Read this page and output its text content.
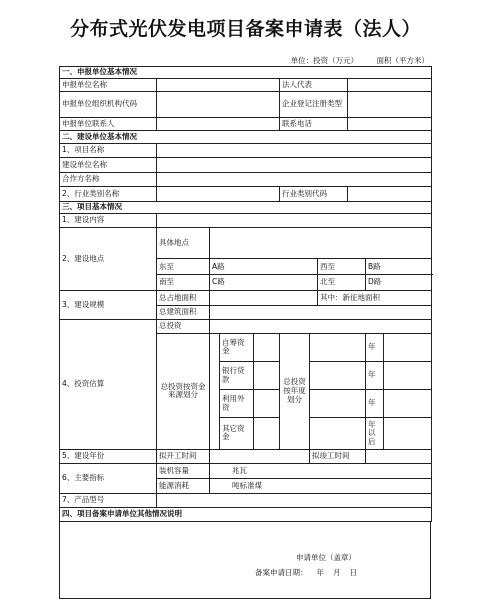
分布式光伏发电项目备案申请表（法人）
单位：投资（万元） 面积（平方米）
一、申报单位基本情况										
申报单位名称					法人代表					
申报单位组织机构代码					企业登记注册类型					
申报单位联系人					联系电话					
二、建设单位基本情况										
1、项目名称										
建设单位名称										
合作方名称										
2、行业类别名称					行业类别代码					
三、项目基本情况										
1、建设内容										
2、建设地点	具体地点									
	东至	A路					西至		B路	
	南至	C路					北至		D路	
3、建设规模	总占地面积						其中：新征地面积			
	总建筑面积									
4、投资估算	总投资									
	总投资按资金来源划分		自筹资金		总投资按年度划分				年	
			银行贷款						年	
			利用外资						年	
			其它资金						年以后	
5、建设年份	拟开工时间					拟竣工时间				
6、主要指标	装机容量	兆瓦								
	能源消耗	吨标准煤								
7、产品型号										
四、项目备案申请单位其他情况说明										
申请单位（盖章）
备案申请日期： 年 月 日
